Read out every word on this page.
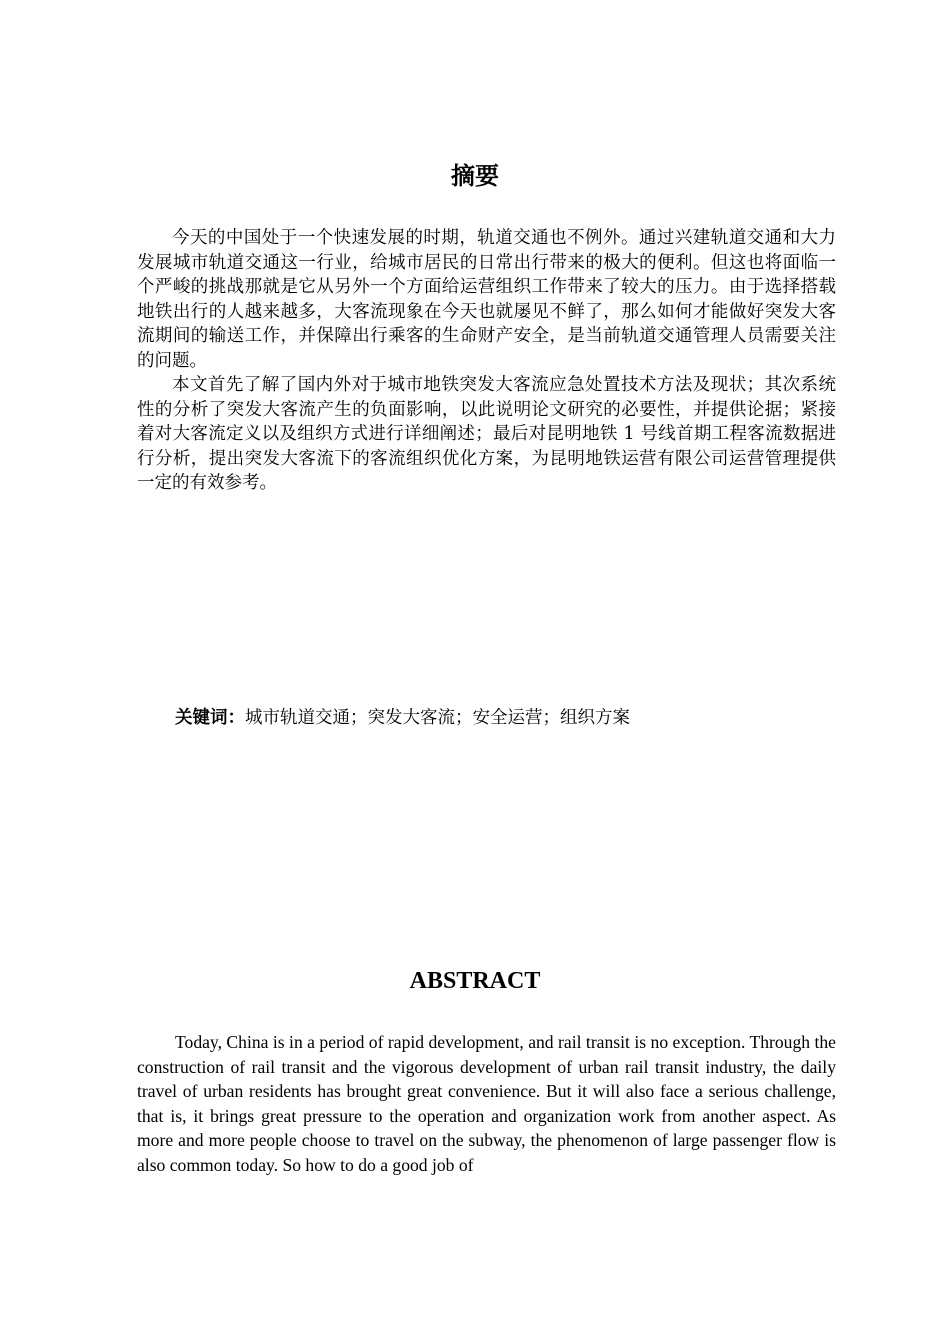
摘要

今天的中国处于一个快速发展的时期，轨道交通也不例外。通过兴建轨道交通和大力发展城市轨道交通这一行业，给城市居民的日常出行带来的极大的便利。但这也将面临一个严峻的挑战那就是它从另外一个方面给运营组织工作带来了较大的压力。由于选择搭载地铁出行的人越来越多，大客流现象在今天也就屡见不鲜了，那么如何才能做好突发大客流期间的输送工作，并保障出行乘客的生命财产安全，是当前轨道交通管理人员需要关注的问题。

本文首先了解了国内外对于城市地铁突发大客流应急处置技术方法及现状；其次系统性的分析了突发大客流产生的负面影响，以此说明论文研究的必要性，并提供论据；紧接着对大客流定义以及组织方式进行详细阐述；最后对昆明地铁 1 号线首期工程客流数据进行分析，提出突发大客流下的客流组织优化方案，为昆明地铁运营有限公司运营管理提供一定的有效参考。

关键词：城市轨道交通；突发大客流；安全运营；组织方案
ABSTRACT

Today, China is in a period of rapid development, and rail transit is no exception. Through the construction of rail transit and the vigorous development of urban rail transit industry, the daily travel of urban residents has brought great convenience. But it will also face a serious challenge, that is, it brings great pressure to the operation and organization work from another aspect. As more and more people choose to travel on the subway, the phenomenon of large passenger flow is also common today. So how to do a good job of
